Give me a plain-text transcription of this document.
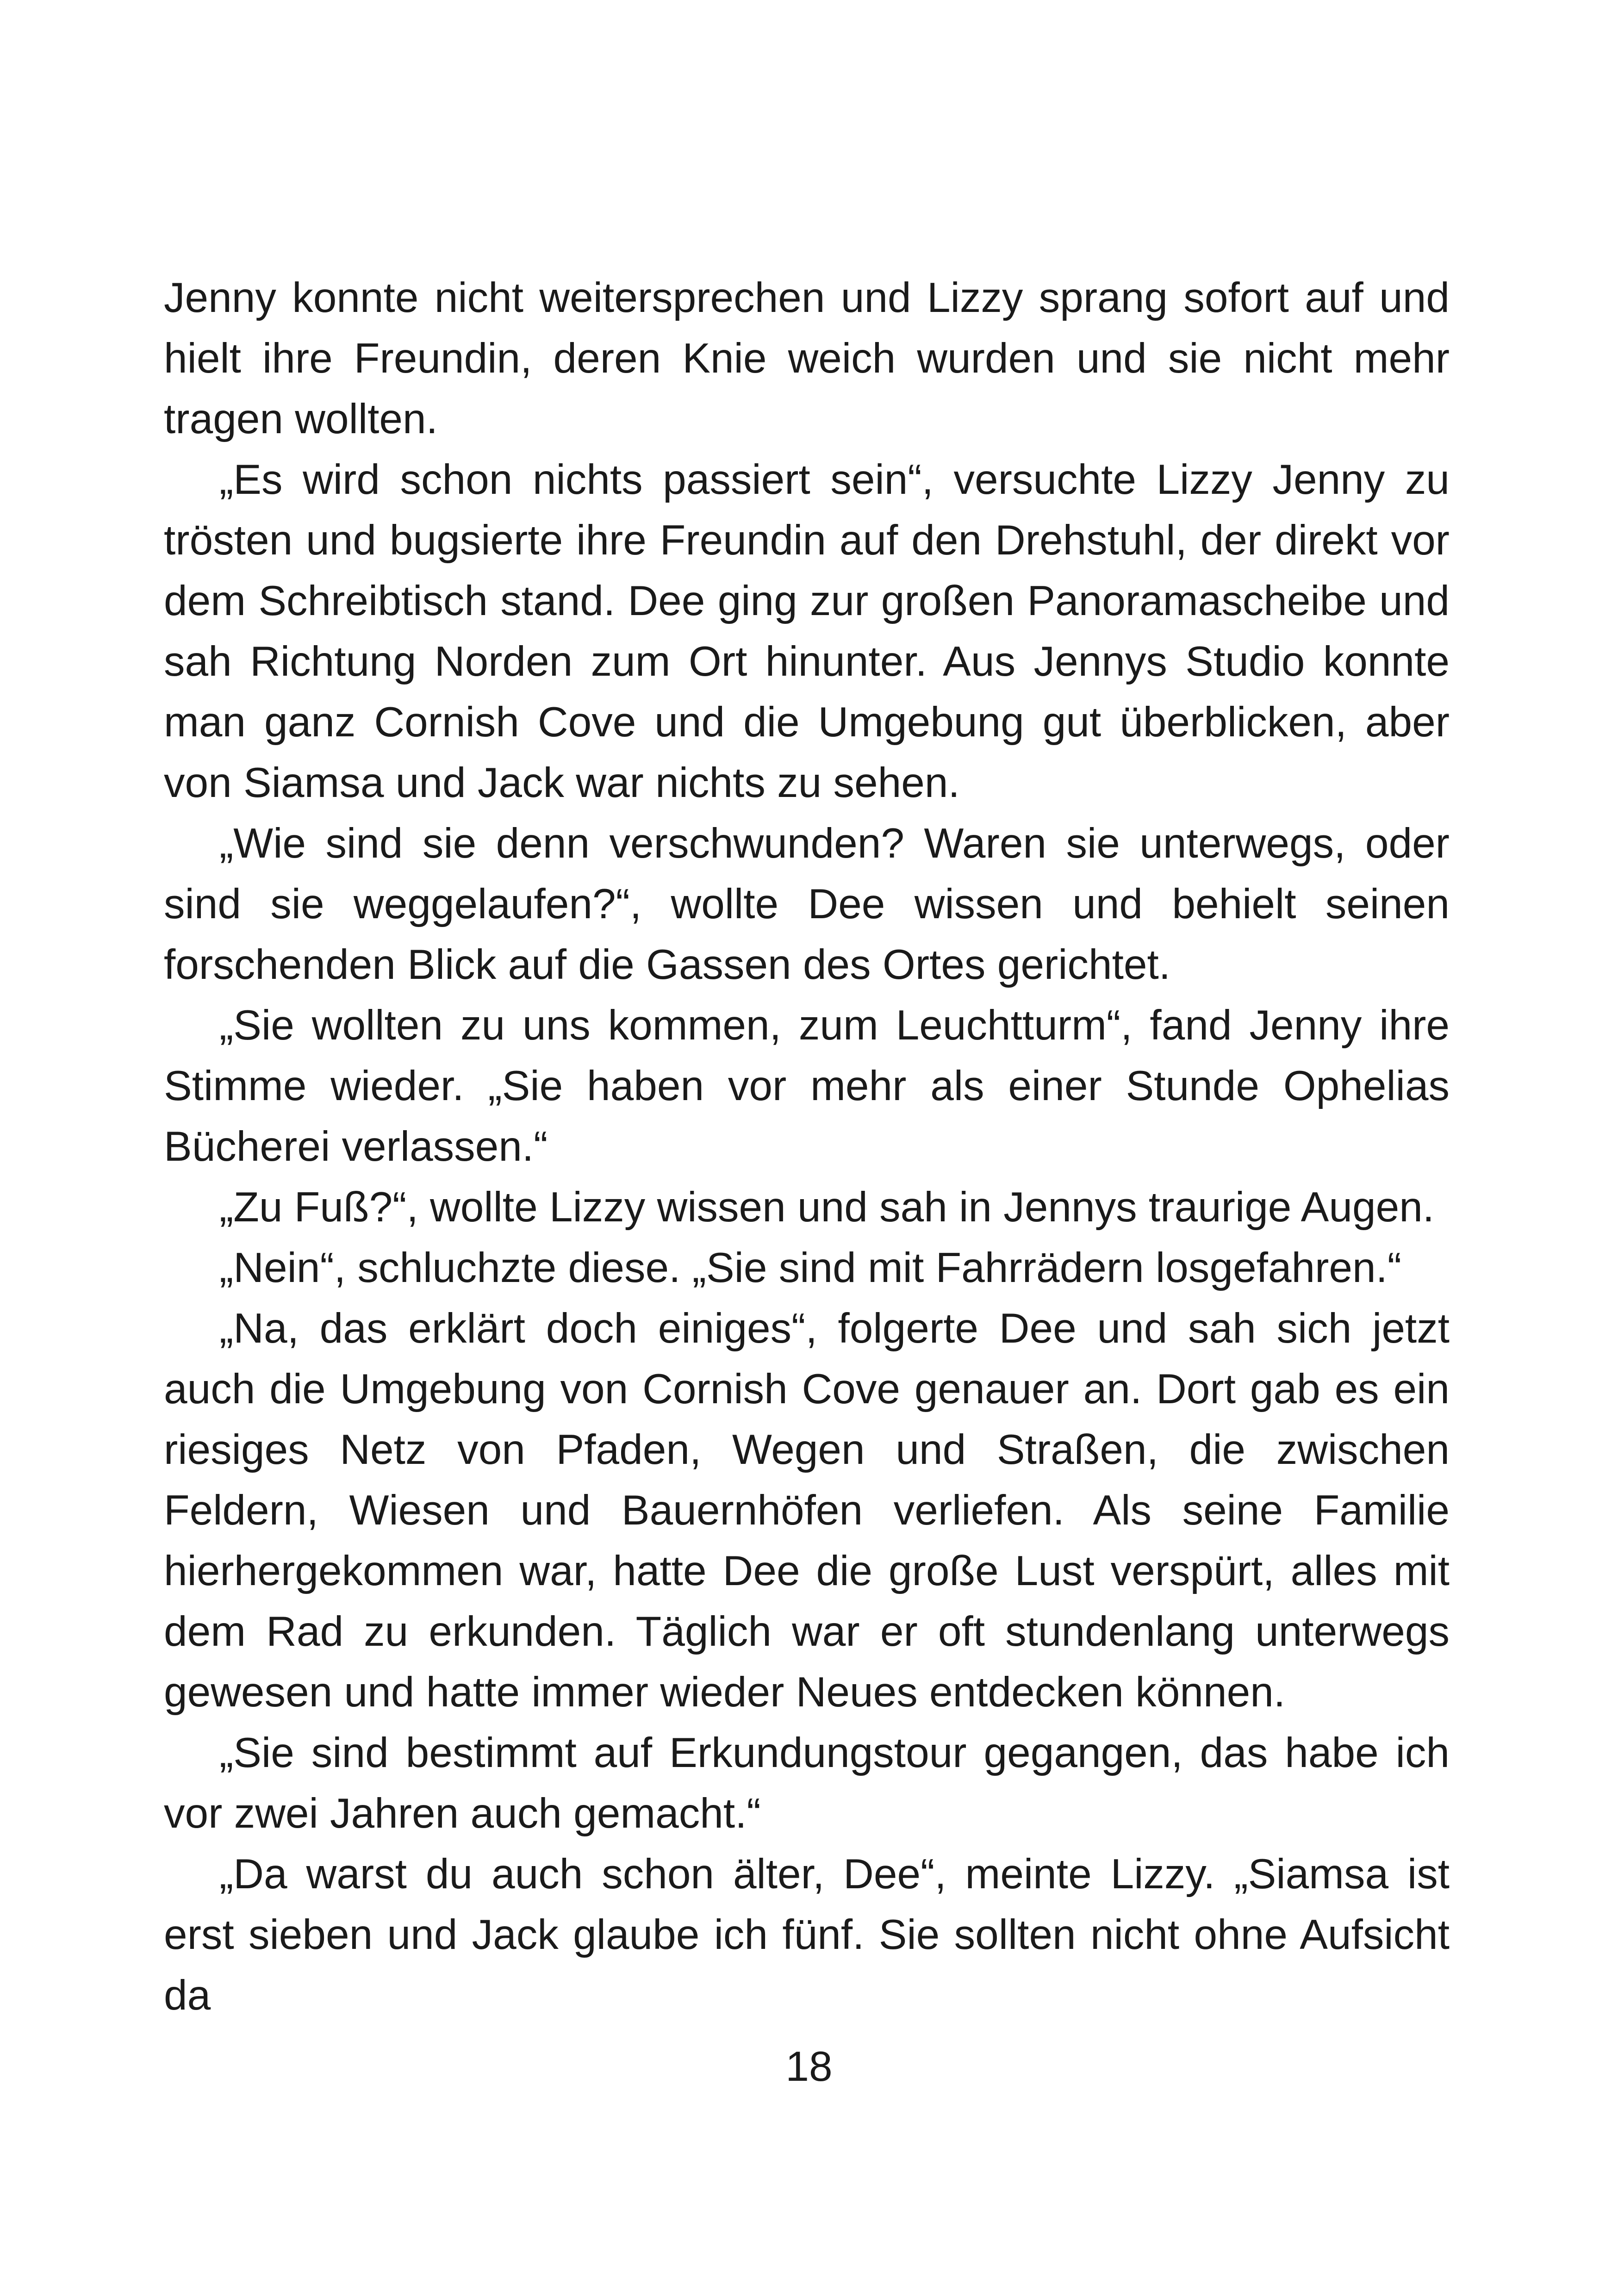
Jenny konnte nicht weitersprechen und Lizzy sprang sofort auf und hielt ihre Freundin, deren Knie weich wurden und sie nicht mehr tragen wollten.

„Es wird schon nichts passiert sein“, versuchte Lizzy Jenny zu trösten und bugsierte ihre Freundin auf den Drehstuhl, der direkt vor dem Schreibtisch stand. Dee ging zur großen Panoramascheibe und sah Richtung Norden zum Ort hinunter. Aus Jennys Studio konnte man ganz Cornish Cove und die Umgebung gut überblicken, aber von Siamsa und Jack war nichts zu sehen.

„Wie sind sie denn verschwunden? Waren sie unterwegs, oder sind sie weggelaufen?“, wollte Dee wissen und behielt seinen forschenden Blick auf die Gassen des Ortes gerichtet.

„Sie wollten zu uns kommen, zum Leuchtturm“, fand Jenny ihre Stimme wieder. „Sie haben vor mehr als einer Stunde Ophelias Bücherei verlassen.“

„Zu Fuß?“, wollte Lizzy wissen und sah in Jennys traurige Augen.

„Nein“, schluchzte diese. „Sie sind mit Fahrrädern losgefahren.“

„Na, das erklärt doch einiges“, folgerte Dee und sah sich jetzt auch die Umgebung von Cornish Cove genauer an. Dort gab es ein riesiges Netz von Pfaden, Wegen und Straßen, die zwischen Feldern, Wiesen und Bauernhöfen verliefen. Als seine Familie hierhergekommen war, hatte Dee die große Lust verspürt, alles mit dem Rad zu erkunden. Täglich war er oft stundenlang unterwegs gewesen und hatte immer wieder Neues entdecken können.

„Sie sind bestimmt auf Erkundungstour gegangen, das habe ich vor zwei Jahren auch gemacht.“

„Da warst du auch schon älter, Dee“, meinte Lizzy. „Siamsa ist erst sieben und Jack glaube ich fünf. Sie sollten nicht ohne Aufsicht da

18
